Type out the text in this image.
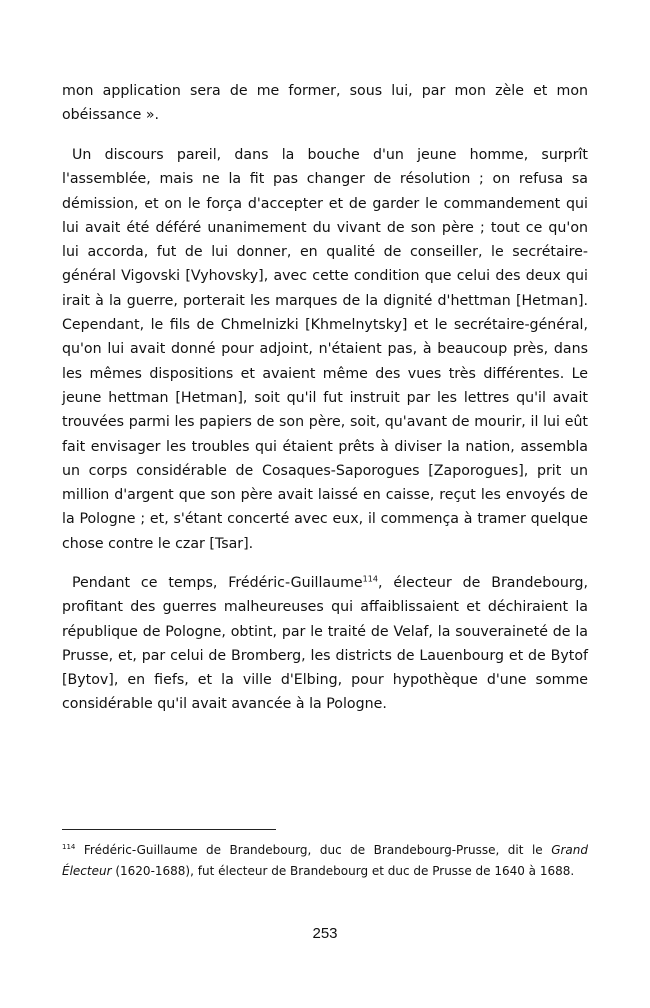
mon application sera de me former, sous lui, par mon zèle et mon obéissance ».

Un discours pareil, dans la bouche d'un jeune homme, surprît l'assemblée, mais ne la fit pas changer de résolution ; on refusa sa démission, et on le força d'accepter et de garder le commandement qui lui avait été déféré unanimement du vivant de son père ; tout ce qu'on lui accorda, fut de lui donner, en qualité de conseiller, le secrétaire-général Vigovski [Vyhovsky], avec cette condition que celui des deux qui irait à la guerre, porterait les marques de la dignité d'hettman [Hetman]. Cependant, le fils de Chmelnizki [Khmelnytsky] et le secrétaire-général, qu'on lui avait donné pour adjoint, n'étaient pas, à beaucoup près, dans les mêmes dispositions et avaient même des vues très différentes. Le jeune hettman [Hetman], soit qu'il fut instruit par les lettres qu'il avait trouvées parmi les papiers de son père, soit, qu'avant de mourir, il lui eût fait envisager les troubles qui étaient prêts à diviser la nation, assembla un corps considérable de Cosaques-Saporogues [Zaporogues], prit un million d'argent que son père avait laissé en caisse, reçut les envoyés de la Pologne ; et, s'étant concerté avec eux, il commença à tramer quelque chose contre le czar [Tsar].

Pendant ce temps, Frédéric-Guillaume$^{114}$, électeur de Brandebourg, profitant des guerres malheureuses qui affaiblissaient et déchiraient la république de Pologne, obtint, par le traité de Velaf, la souveraineté de la Prusse, et, par celui de Bromberg, les districts de Lauenbourg et de Bytof [Bytov], en fiefs, et la ville d'Elbing, pour hypothèque d'une somme considérable qu'il avait avancée à la Pologne.

$^{114}$ Frédéric-Guillaume de Brandebourg, duc de Brandebourg-Prusse, dit le Grand Électeur (1620-1688), fut électeur de Brandebourg et duc de Prusse de 1640 à 1688.

253
